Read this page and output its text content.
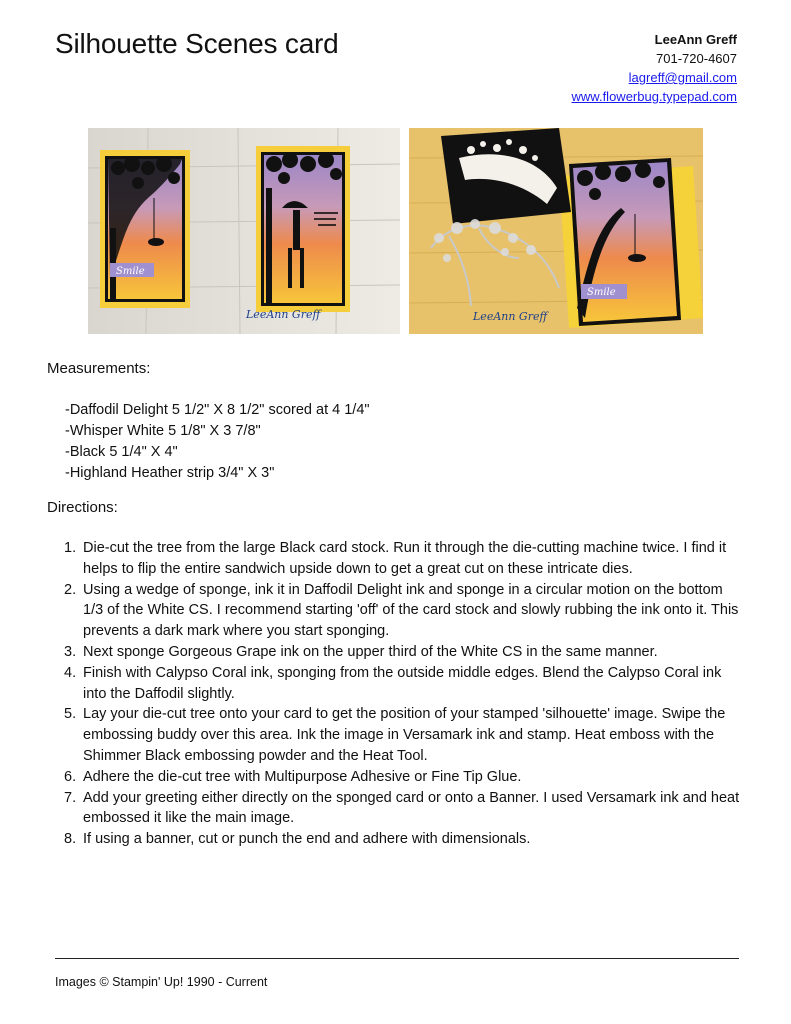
Silhouette Scenes card	LeeAnn Greff
701-720-4607
lagreff@gmail.com
www.flowerbug.typepad.com
Smile
LeeAnn Greff
Smile
LeeAnn Greff
Measurements:
-Daffodil Delight 5 1/2" X 8 1/2" scored at 4 1/4"
-Whisper White 5 1/8" X 3 7/8"
-Black 5 1/4" X 4"
-Highland Heather strip 3/4" X 3"
Directions:
1. Die-cut the tree from the large Black card stock. Run it through the die-cutting machine twice. I find it helps to flip the entire sandwich upside down to get a great cut on these intricate dies.
2. Using a wedge of sponge, ink it in Daffodil Delight ink and sponge in a circular motion on the bottom 1/3 of the White CS. I recommend starting 'off' of the card stock and slowly rubbing the ink onto it. This prevents a dark mark where you start sponging.
3. Next sponge Gorgeous Grape ink on the upper third of the White CS in the same manner.
4. Finish with Calypso Coral ink, sponging from the outside middle edges. Blend the Calypso Coral ink into the Daffodil slightly.
5. Lay your die-cut tree onto your card to get the position of your stamped 'silhouette' image. Swipe the embossing buddy over this area. Ink the image in Versamark ink and stamp. Heat emboss with the Shimmer Black embossing powder and the Heat Tool.
6. Adhere the die-cut tree with Multipurpose Adhesive or Fine Tip Glue.
7. Add your greeting either directly on the sponged card or onto a Banner. I used Versamark ink and heat embossed it like the main image.
8. If using a banner, cut or punch the end and adhere with dimensionals.
Images © Stampin' Up! 1990 - Current
